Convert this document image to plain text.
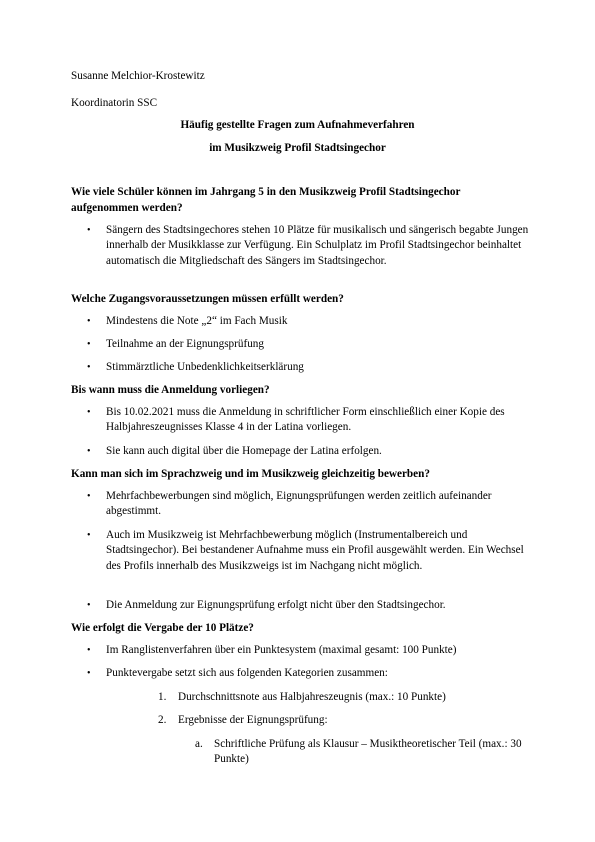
Susanne Melchior-Krostewitz
Koordinatorin SSC
Häufig gestellte Fragen zum Aufnahmeverfahren
im Musikzweig Profil Stadtsingechor
Wie viele Schüler können im Jahrgang 5 in den Musikzweig Profil Stadtsingechor
aufgenommen werden?
• Sängern des Stadtsingechores stehen 10 Plätze für musikalisch und sängerisch begabte Jungen innerhalb der Musikklasse zur Verfügung. Ein Schulplatz im Profil Stadtsingechor beinhaltet automatisch die Mitgliedschaft des Sängers im Stadtsingechor.
Welche Zugangsvoraussetzungen müssen erfüllt werden?
• Mindestens die Note „2“ im Fach Musik
• Teilnahme an der Eignungsprüfung
• Stimmärztliche Unbedenklichkeitserklärung
Bis wann muss die Anmeldung vorliegen?
• Bis 10.02.2021 muss die Anmeldung in schriftlicher Form einschließlich einer Kopie des Halbjahreszeugnisses Klasse 4 in der Latina vorliegen.
• Sie kann auch digital über die Homepage der Latina erfolgen.
Kann man sich im Sprachzweig und im Musikzweig gleichzeitig bewerben?
• Mehrfachbewerbungen sind möglich, Eignungsprüfungen werden zeitlich aufeinander abgestimmt.
• Auch im Musikzweig ist Mehrfachbewerbung möglich (Instrumentalbereich und Stadtsingechor). Bei bestandener Aufnahme muss ein Profil ausgewählt werden. Ein Wechsel des Profils innerhalb des Musikzweigs ist im Nachgang nicht möglich.
• Die Anmeldung zur Eignungsprüfung erfolgt nicht über den Stadtsingechor.
Wie erfolgt die Vergabe der 10 Plätze?
• Im Ranglistenverfahren über ein Punktesystem (maximal gesamt: 100 Punkte)
• Punktevergabe setzt sich aus folgenden Kategorien zusammen:
1. Durchschnittsnote aus Halbjahreszeugnis (max.: 10 Punkte)
2. Ergebnisse der Eignungsprüfung:
a. Schriftliche Prüfung als Klausur – Musiktheoretischer Teil (max.: 30 Punkte)
